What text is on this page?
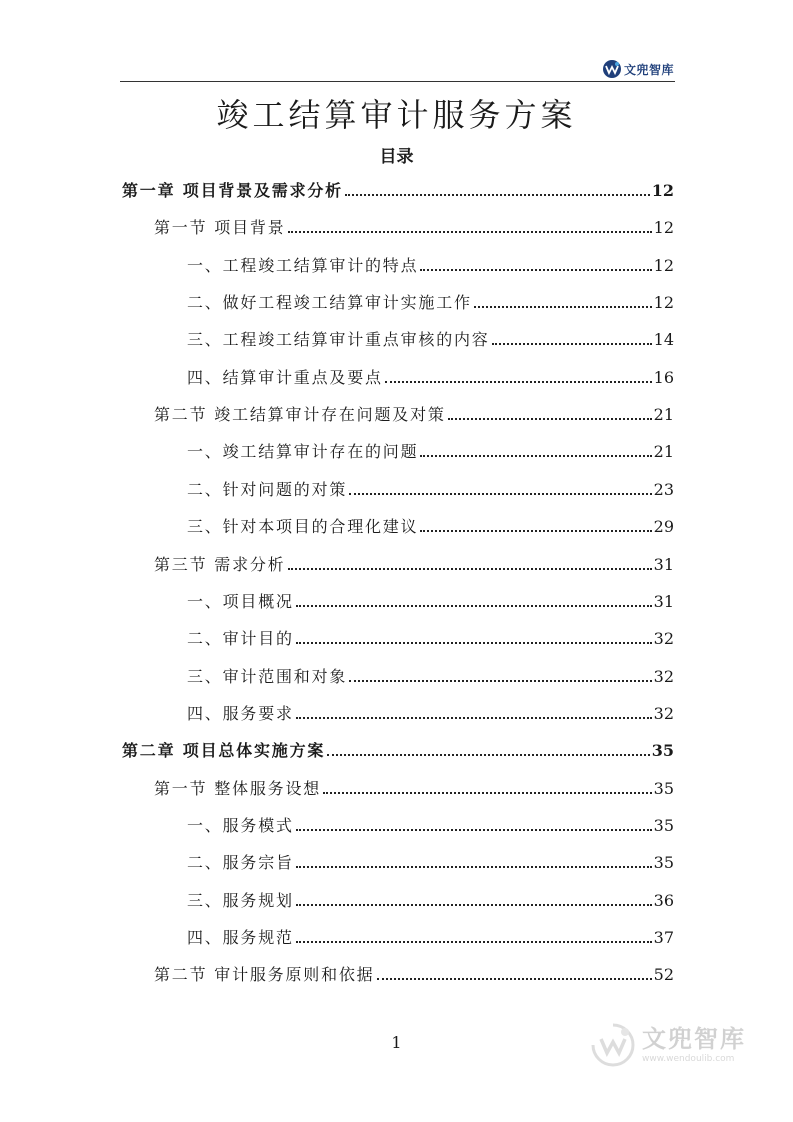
文兜智库
竣工结算审计服务方案
目录
第一章 项目背景及需求分析	12
第一节 项目背景	12
一、工程竣工结算审计的特点	12
二、做好工程竣工结算审计实施工作	12
三、工程竣工结算审计重点审核的内容	14
四、结算审计重点及要点	16
第二节 竣工结算审计存在问题及对策	21
一、竣工结算审计存在的问题	21
二、针对问题的对策	23
三、针对本项目的合理化建议	29
第三节 需求分析	31
一、项目概况	31
二、审计目的	32
三、审计范围和对象	32
四、服务要求	32
第二章 项目总体实施方案	35
第一节 整体服务设想	35
一、服务模式	35
二、服务宗旨	35
三、服务规划	36
四、服务规范	37
第二节 审计服务原则和依据	52
1	文兜智库
www.wendoulib.com
